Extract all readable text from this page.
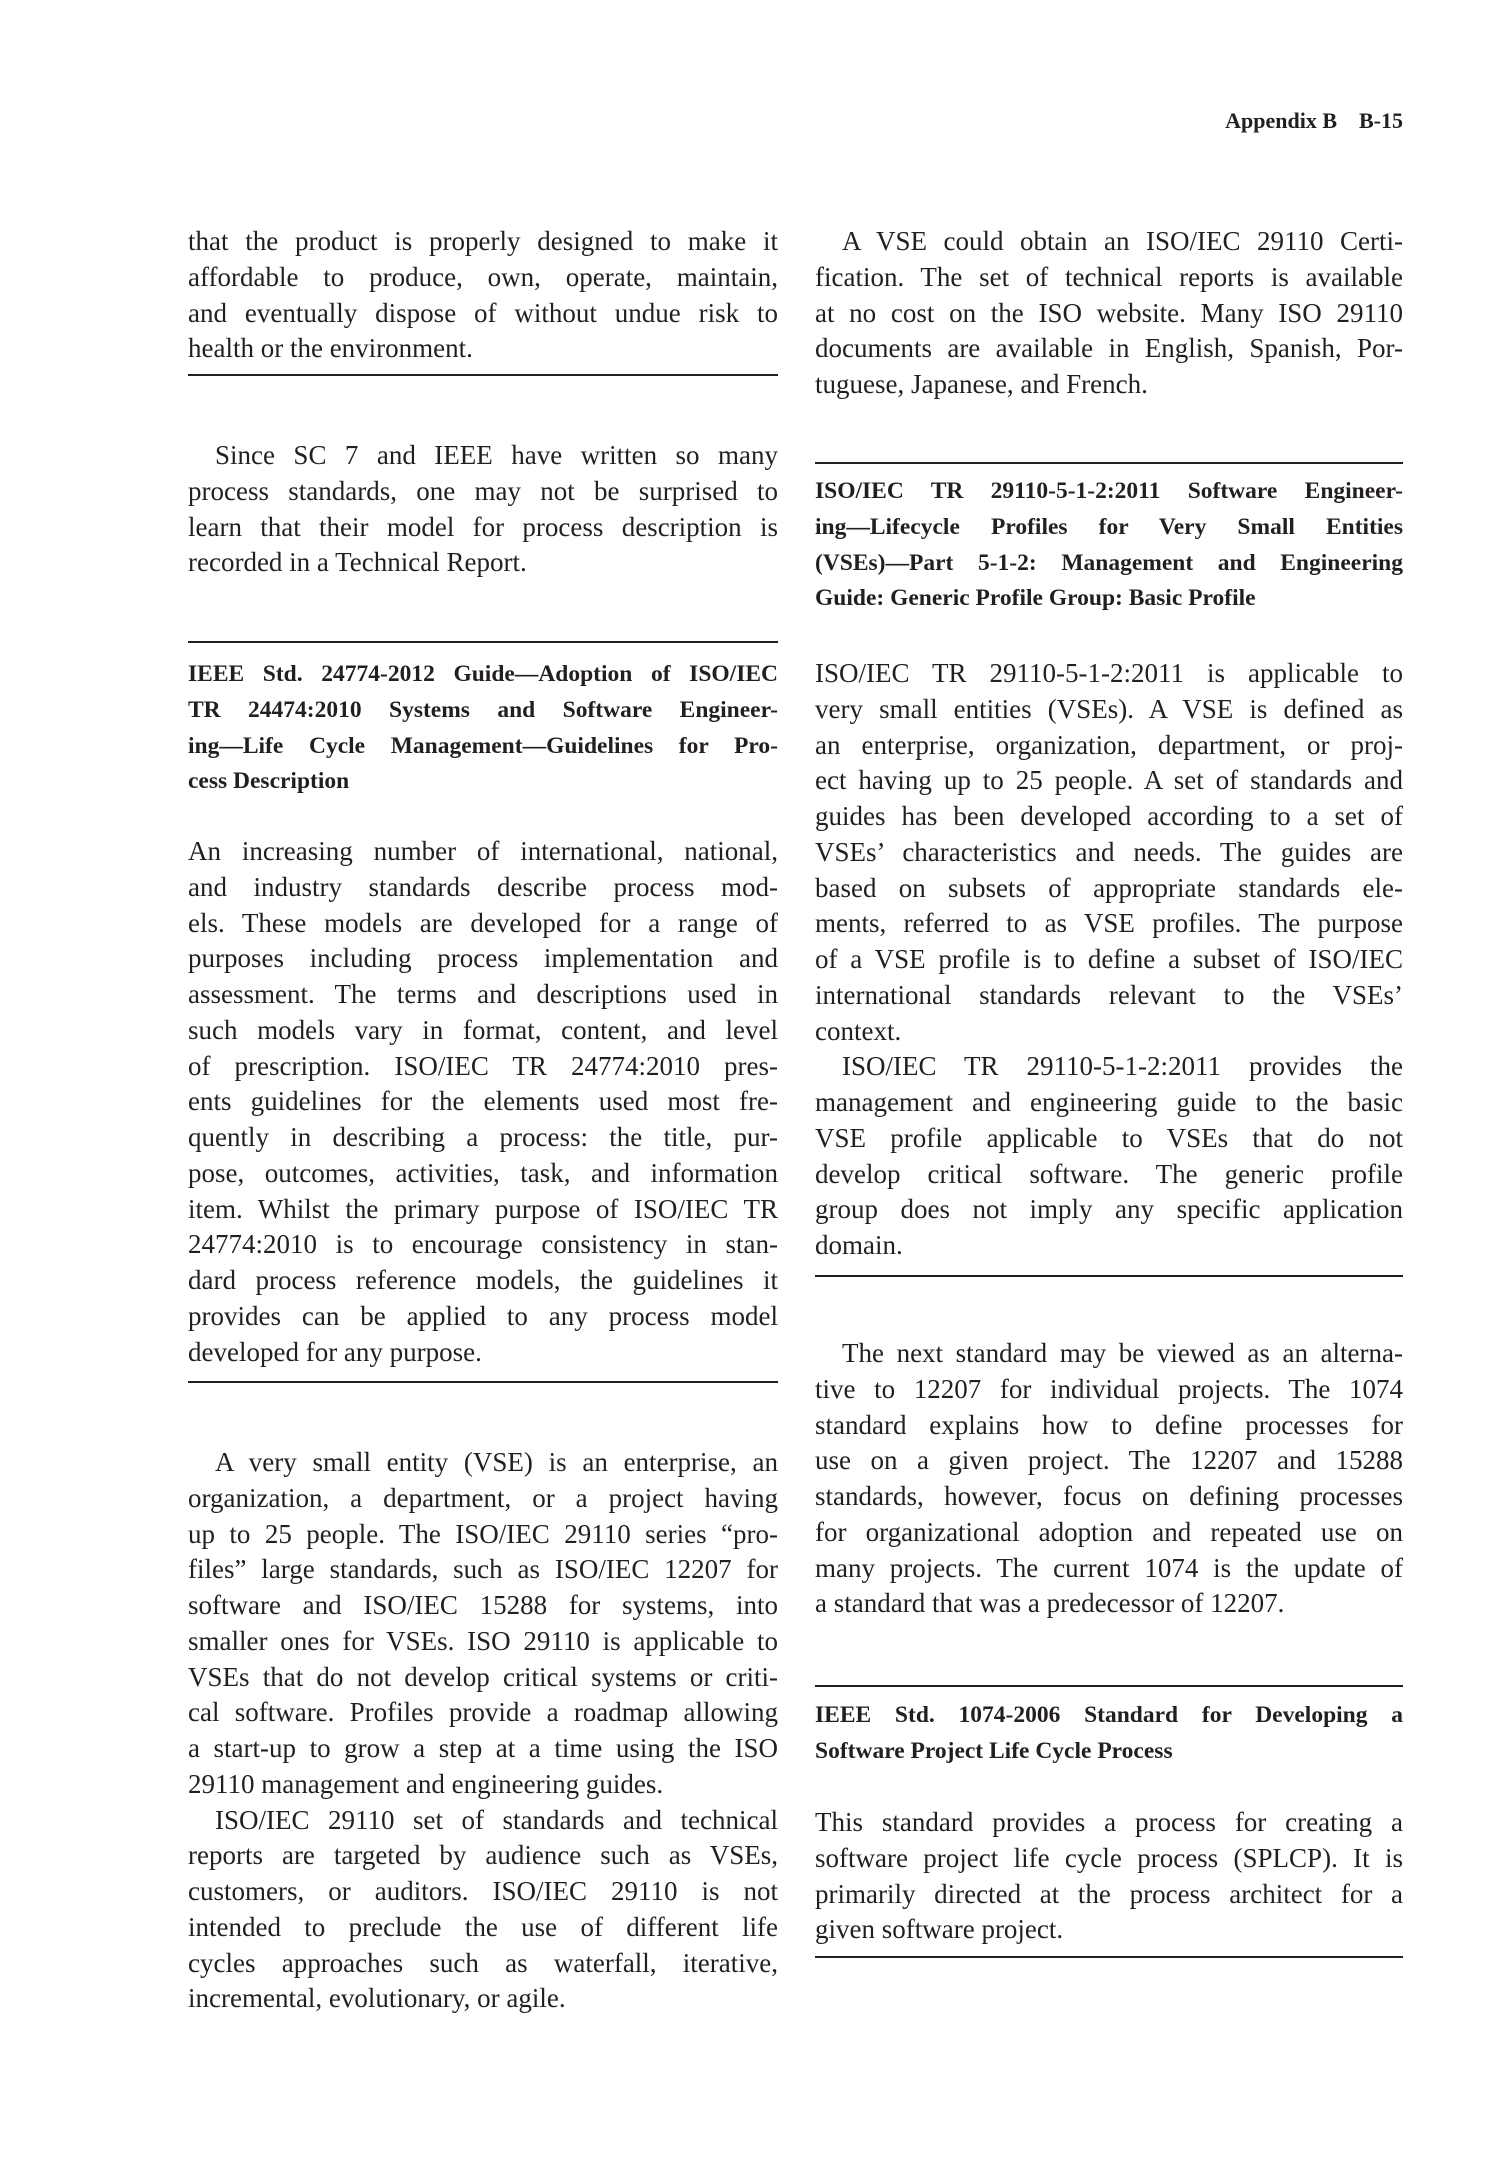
Appendix B B-15
that the product is properly designed to make it
affordable to produce, own, operate, maintain,
and eventually dispose of without undue risk to
health or the environment.
Since SC 7 and IEEE have written so many
process standards, one may not be surprised to
learn that their model for process description is
recorded in a Technical Report.
IEEE Std. 24774-2012 Guide—Adoption of ISO/IEC
TR 24474:2010 Systems and Software Engineer-
ing—Life Cycle Management—Guidelines for Pro-
cess Description
An increasing number of international, national,
and industry standards describe process mod-
els. These models are developed for a range of
purposes including process implementation and
assessment. The terms and descriptions used in
such models vary in format, content, and level
of prescription. ISO/IEC TR 24774:2010 pres-
ents guidelines for the elements used most fre-
quently in describing a process: the title, pur-
pose, outcomes, activities, task, and information
item. Whilst the primary purpose of ISO/IEC TR
24774:2010 is to encourage consistency in stan-
dard process reference models, the guidelines it
provides can be applied to any process model
developed for any purpose.
A very small entity (VSE) is an enterprise, an
organization, a department, or a project having
up to 25 people. The ISO/IEC 29110 series “pro-
files” large standards, such as ISO/IEC 12207 for
software and ISO/IEC 15288 for systems, into
smaller ones for VSEs. ISO 29110 is applicable to
VSEs that do not develop critical systems or criti-
cal software. Profiles provide a roadmap allowing
a start-up to grow a step at a time using the ISO
29110 management and engineering guides.
ISO/IEC 29110 set of standards and technical
reports are targeted by audience such as VSEs,
customers, or auditors. ISO/IEC 29110 is not
intended to preclude the use of different life
cycles approaches such as waterfall, iterative,
incremental, evolutionary, or agile.
A VSE could obtain an ISO/IEC 29110 Certi-
fication. The set of technical reports is available
at no cost on the ISO website. Many ISO 29110
documents are available in English, Spanish, Por-
tuguese, Japanese, and French.
ISO/IEC TR 29110-5-1-2:2011 Software Engineer-
ing—Lifecycle Profiles for Very Small Entities
(VSEs)—Part 5-1-2: Management and Engineering
Guide: Generic Profile Group: Basic Profile
ISO/IEC TR 29110-5-1-2:2011 is applicable to
very small entities (VSEs). A VSE is defined as
an enterprise, organization, department, or proj-
ect having up to 25 people. A set of standards and
guides has been developed according to a set of
VSEs’ characteristics and needs. The guides are
based on subsets of appropriate standards ele-
ments, referred to as VSE profiles. The purpose
of a VSE profile is to define a subset of ISO/IEC
international standards relevant to the VSEs’
context.
ISO/IEC TR 29110-5-1-2:2011 provides the
management and engineering guide to the basic
VSE profile applicable to VSEs that do not
develop critical software. The generic profile
group does not imply any specific application
domain.
The next standard may be viewed as an alterna-
tive to 12207 for individual projects. The 1074
standard explains how to define processes for
use on a given project. The 12207 and 15288
standards, however, focus on defining processes
for organizational adoption and repeated use on
many projects. The current 1074 is the update of
a standard that was a predecessor of 12207.
IEEE Std. 1074-2006 Standard for Developing a
Software Project Life Cycle Process
This standard provides a process for creating a
software project life cycle process (SPLCP). It is
primarily directed at the process architect for a
given software project.
